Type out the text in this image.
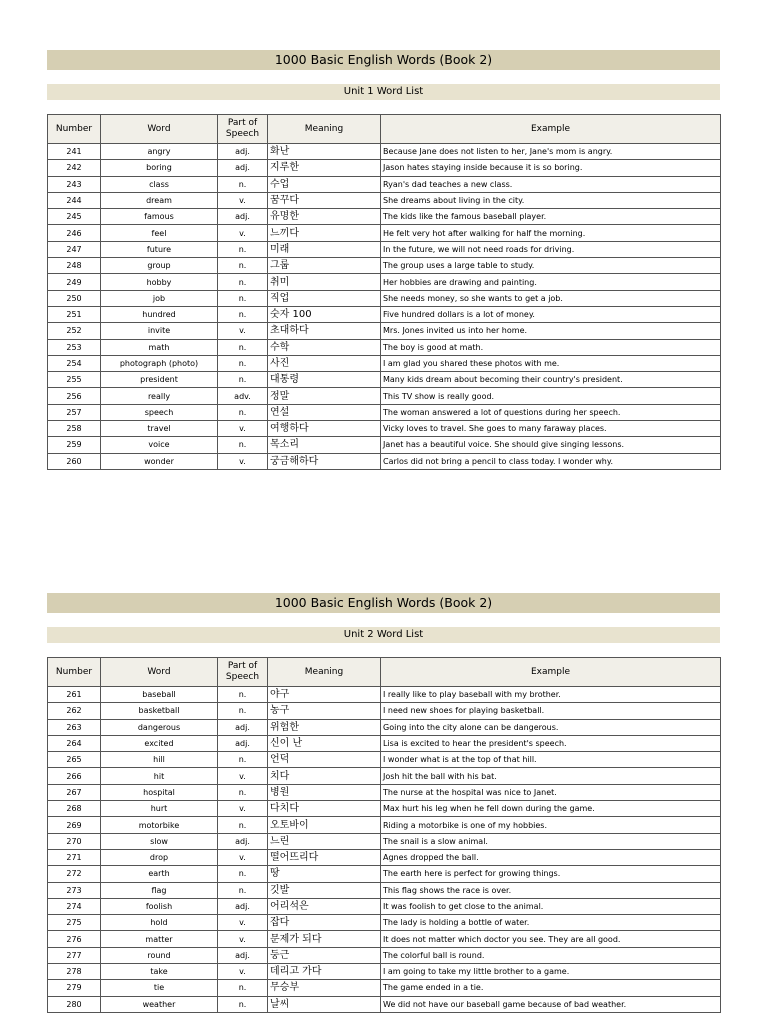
1000 Basic English Words (Book 2)
Unit 1 Word List
Number	Word	Part of Speech	Meaning	Example
241	angry	adj.	화난	Because Jane does not listen to her, Jane's mom is angry.
242	boring	adj.	지루한	Jason hates staying inside because it is so boring.
243	class	n.	수업	Ryan's dad teaches a new class.
244	dream	v.	꿈꾸다	She dreams about living in the city.
245	famous	adj.	유명한	The kids like the famous baseball player.
246	feel	v.	느끼다	He felt very hot after walking for half the morning.
247	future	n.	미래	In the future, we will not need roads for driving.
248	group	n.	그룹	The group uses a large table to study.
249	hobby	n.	취미	Her hobbies are drawing and painting.
250	job	n.	직업	She needs money, so she wants to get a job.
251	hundred	n.	숫자 100	Five hundred dollars is a lot of money.
252	invite	v.	초대하다	Mrs. Jones invited us into her home.
253	math	n.	수학	The boy is good at math.
254	photograph (photo)	n.	사진	I am glad you shared these photos with me.
255	president	n.	대통령	Many kids dream about becoming their country's president.
256	really	adv.	정말	This TV show is really good.
257	speech	n.	연설	The woman answered a lot of questions during her speech.
258	travel	v.	여행하다	Vicky loves to travel. She goes to many faraway places.
259	voice	n.	목소리	Janet has a beautiful voice. She should give singing lessons.
260	wonder	v.	궁금해하다	Carlos did not bring a pencil to class today. I wonder why.
1000 Basic English Words (Book 2)
Unit 2 Word List
Number	Word	Part of Speech	Meaning	Example
261	baseball	n.	야구	I really like to play baseball with my brother.
262	basketball	n.	농구	I need new shoes for playing basketball.
263	dangerous	adj.	위험한	Going into the city alone can be dangerous.
264	excited	adj.	신이 난	Lisa is excited to hear the president's speech.
265	hill	n.	언덕	I wonder what is at the top of that hill.
266	hit	v.	치다	Josh hit the ball with his bat.
267	hospital	n.	병원	The nurse at the hospital was nice to Janet.
268	hurt	v.	다치다	Max hurt his leg when he fell down during the game.
269	motorbike	n.	오토바이	Riding a motorbike is one of my hobbies.
270	slow	adj.	느린	The snail is a slow animal.
271	drop	v.	떨어뜨리다	Agnes dropped the ball.
272	earth	n.	땅	The earth here is perfect for growing things.
273	flag	n.	깃발	This flag shows the race is over.
274	foolish	adj.	어리석은	It was foolish to get close to the animal.
275	hold	v.	잡다	The lady is holding a bottle of water.
276	matter	v.	문제가 되다	It does not matter which doctor you see. They are all good.
277	round	adj.	둥근	The colorful ball is round.
278	take	v.	데리고 가다	I am going to take my little brother to a game.
279	tie	n.	무승부	The game ended in a tie.
280	weather	n.	날씨	We did not have our baseball game because of bad weather.
